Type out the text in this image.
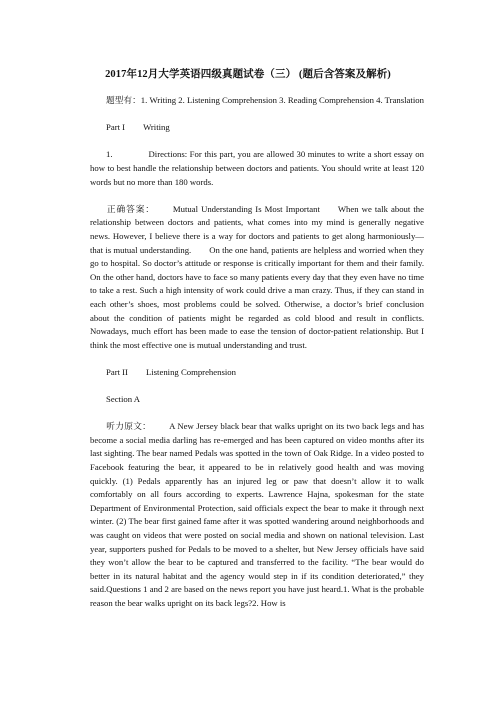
2017年12月大学英语四级真题试卷（三） (题后含答案及解析)

题型有：1. Writing 2. Listening Comprehension 3. Reading Comprehension 4. Translation

Part I Writing

1.	Directions: For this part, you are allowed 30 minutes to write a short essay on how to best handle the relationship between doctors and patients. You should write at least 120 words but no more than 180 words.

正确答案： Mutual Understanding Is Most Important When we talk about the relationship between doctors and patients, what comes into my mind is generally negative news. However, I believe there is a way for doctors and patients to get along harmoniously— that is mutual understanding. On the one hand, patients are helpless and worried when they go to hospital. So doctor’s attitude or response is critically important for them and their family. On the other hand, doctors have to face so many patients every day that they even have no time to take a rest. Such a high intensity of work could drive a man crazy. Thus, if they can stand in each other’s shoes, most problems could be solved. Otherwise, a doctor’s brief conclusion about the condition of patients might be regarded as cold blood and result in conflicts. Nowadays, much effort has been made to ease the tension of doctor-patient relationship. But I think the most effective one is mutual understanding and trust.

Part II Listening Comprehension

Section A

听力原文： A New Jersey black bear that walks upright on its two back legs and has become a social media darling has re-emerged and has been captured on video months after its last sighting. The bear named Pedals was spotted in the town of Oak Ridge. In a video posted to Facebook featuring the bear, it appeared to be in relatively good health and was moving quickly. (1) Pedals apparently has an injured leg or paw that doesn’t allow it to walk comfortably on all fours according to experts. Lawrence Hajna, spokesman for the state Department of Environmental Protection, said officials expect the bear to make it through next winter. (2) The bear first gained fame after it was spotted wandering around neighborhoods and was caught on videos that were posted on social media and shown on national television. Last year, supporters pushed for Pedals to be moved to a shelter, but New Jersey officials have said they won’t allow the bear to be captured and transferred to the facility. “The bear would do better in its natural habitat and the agency would step in if its condition deteriorated,” they said.Questions 1 and 2 are based on the news report you have just heard.1. What is the probable reason the bear walks upright on its back legs?2. How is
